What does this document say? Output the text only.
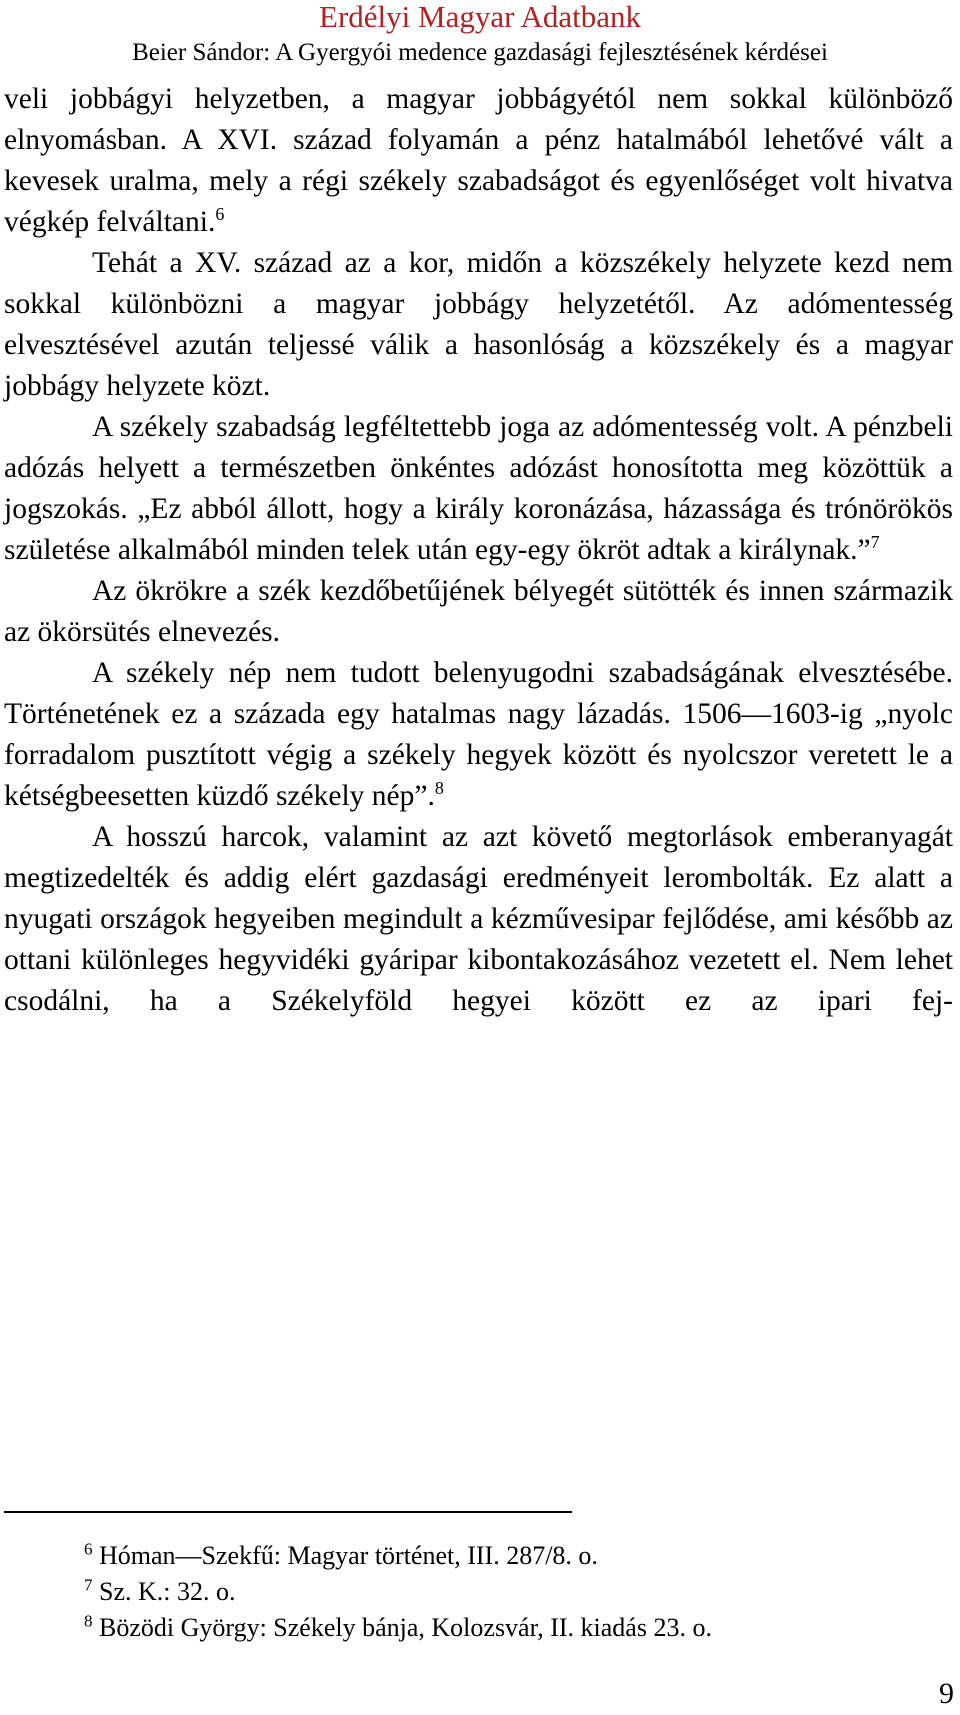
Erdélyi Magyar Adatbank
Beier Sándor: A Gyergyói medence gazdasági fejlesztésének kérdései

veli jobbágyi helyzetben, a magyar jobbágyétól nem sokkal különböző elnyomásban. A XVI. század folyamán a pénz hatalmából lehetővé vált a kevesek uralma, mely a régi székely szabadságot és egyenlőséget volt hivatva végkép felváltani.$^6$

Tehát a XV. század az a kor, midőn a közszékely helyzete kezd nem sokkal különbözni a magyar jobbágy helyzetétől. Az adómentesség elvesztésével azután teljessé válik a hasonlóság a közszékely és a magyar jobbágy helyzete közt.

A székely szabadság legféltettebb joga az adómentesség volt. A pénzbeli adózás helyett a természetben önkéntes adózást honosította meg közöttük a jogszokás. „Ez abból állott, hogy a király koronázása, házassága és trónörökös születése alkalmából minden telek után egy-egy ökröt adtak a királynak.”$^7$

Az ökrökre a szék kezdőbetűjének bélyegét sütötték és innen származik az ökörsütés elnevezés.

A székely nép nem tudott belenyugodni szabadságának elvesztésébe. Történetének ez a százada egy hatalmas nagy lázadás. 1506—1603-ig „nyolc forradalom pusztított végig a székely hegyek között és nyolcszor veretett le a kétségbeesetten küzdő székely nép”.$^8$

A hosszú harcok, valamint az azt követő megtorlások emberanyagát megtizedelték és addig elért gazdasági eredményeit lerombolták. Ez alatt a nyugati országok hegyeiben megindult a kézművesipar fejlődése, ami később az ottani különleges hegyvidéki gyáripar kibontakozásához vezetett el. Nem lehet csodálni, ha a Székelyföld hegyei között ez az ipari fej-

$^6$ Hóman—Szekfű: Magyar történet, III. 287/8. o.
$^7$ Sz. K.: 32. o.
$^8$ Bözödi György: Székely bánja, Kolozsvár, II. kiadás 23. o.
9
